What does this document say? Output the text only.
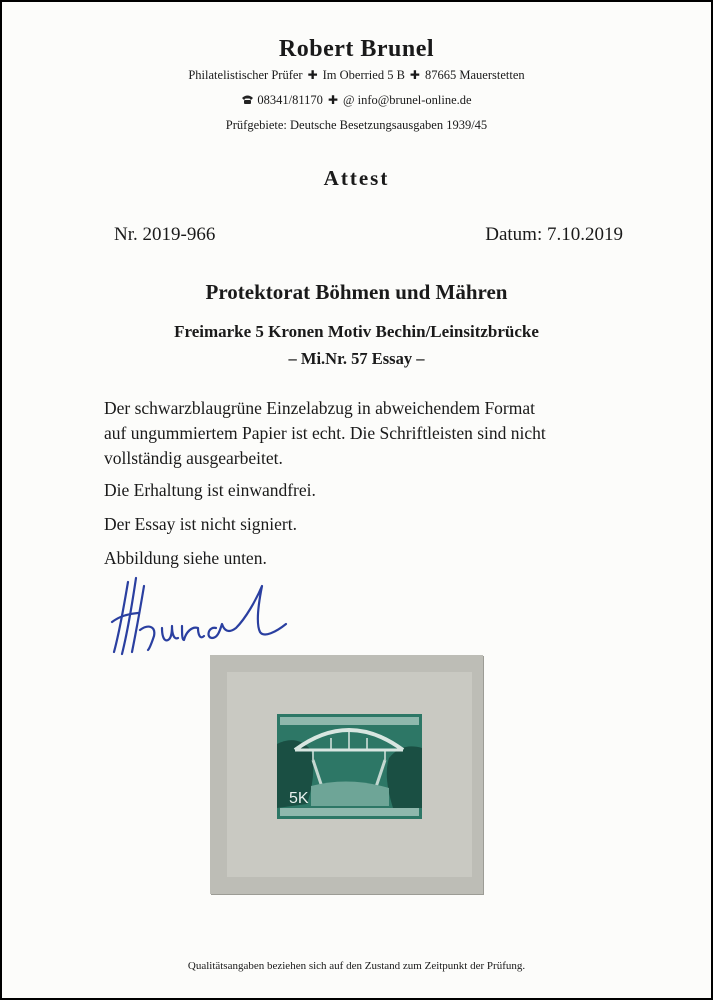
Robert Brunel
Philatelistischer Prüfer ✚ Im Oberried 5 B ✚ 87665 Mauerstetten
08341/81170 ✚ @ info@brunel-online.de
Prüfgebiete: Deutsche Besetzungsausgaben 1939/45
Attest
Nr. 2019-966	Datum: 7.10.2019
Protektorat Böhmen und Mähren
Freimarke 5 Kronen Motiv Bechin/Leinsitzbrücke
– Mi.Nr. 57 Essay –
Der schwarzblaugrüne Einzelabzug in abweichendem Format
auf ungummiertem Papier ist echt. Die Schriftleisten sind nicht
vollständig ausgearbeitet.
Die Erhaltung ist einwandfrei.
Der Essay ist nicht signiert.
Abbildung siehe unten.
5K
Qualitätsangaben beziehen sich auf den Zustand zum Zeitpunkt der Prüfung.
